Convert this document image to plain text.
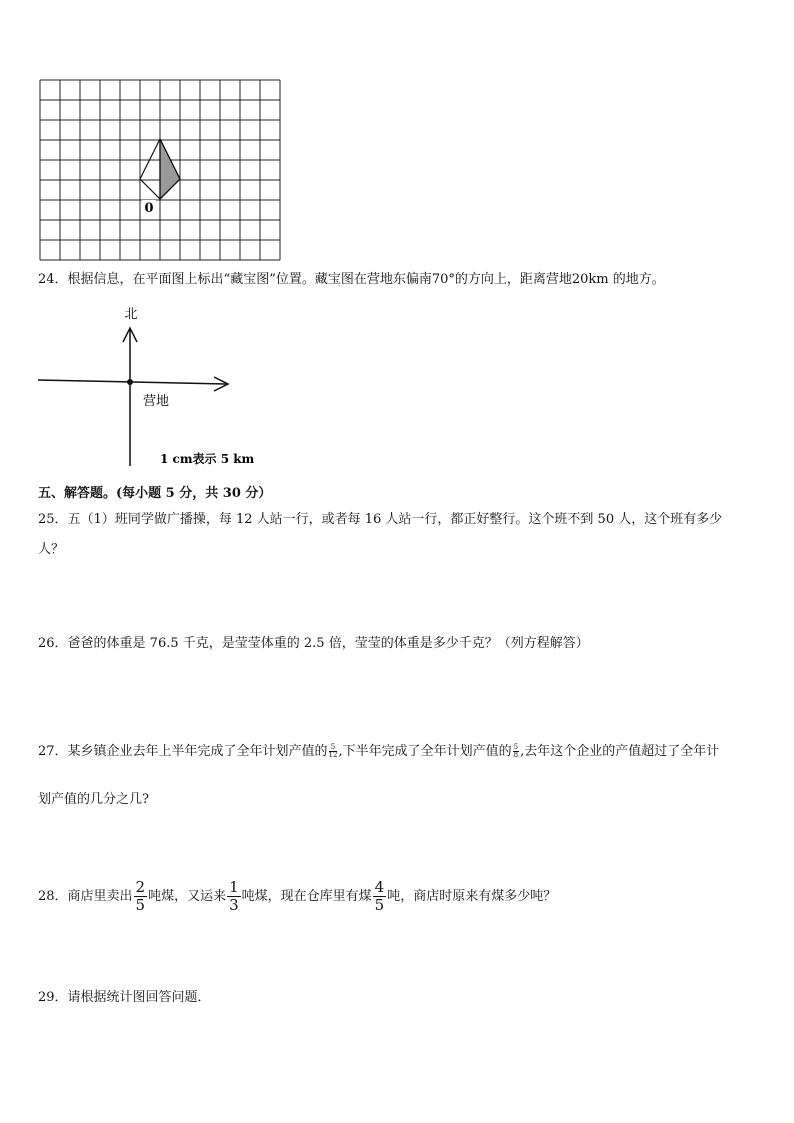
0
24．根据信息，在平面图上标出“藏宝图”位置。藏宝图在营地东偏南70°的方向上，距离营地20km 的地方。
北
营地
1 cm表示 5 km
五、解答题。(每小题 5 分，共 30 分）
25．五（1）班同学做广播操，每 12 人站一行，或者每 16 人站一行，都正好整行。这个班不到 50 人，这个班有多少
人？
26．爸爸的体重是 76.5 千克，是莹莹体重的 2.5 倍，莹莹的体重是多少千克？（列方程解答）
27．某乡镇企业去年上半年完成了全年计划产值的 $\frac{5}{12}$ ,下半年完成了全年计划产值的 $\frac{5}{8}$ ,去年这个企业的产值超过了全年计
划产值的几分之几?
28．商店里卖出 $\frac{2}{5}$ 吨煤，又运来 $\frac{1}{3}$ 吨煤，现在仓库里有煤 $\frac{4}{5}$ 吨，商店时原来有煤多少吨？
29．请根据统计图回答问题．
